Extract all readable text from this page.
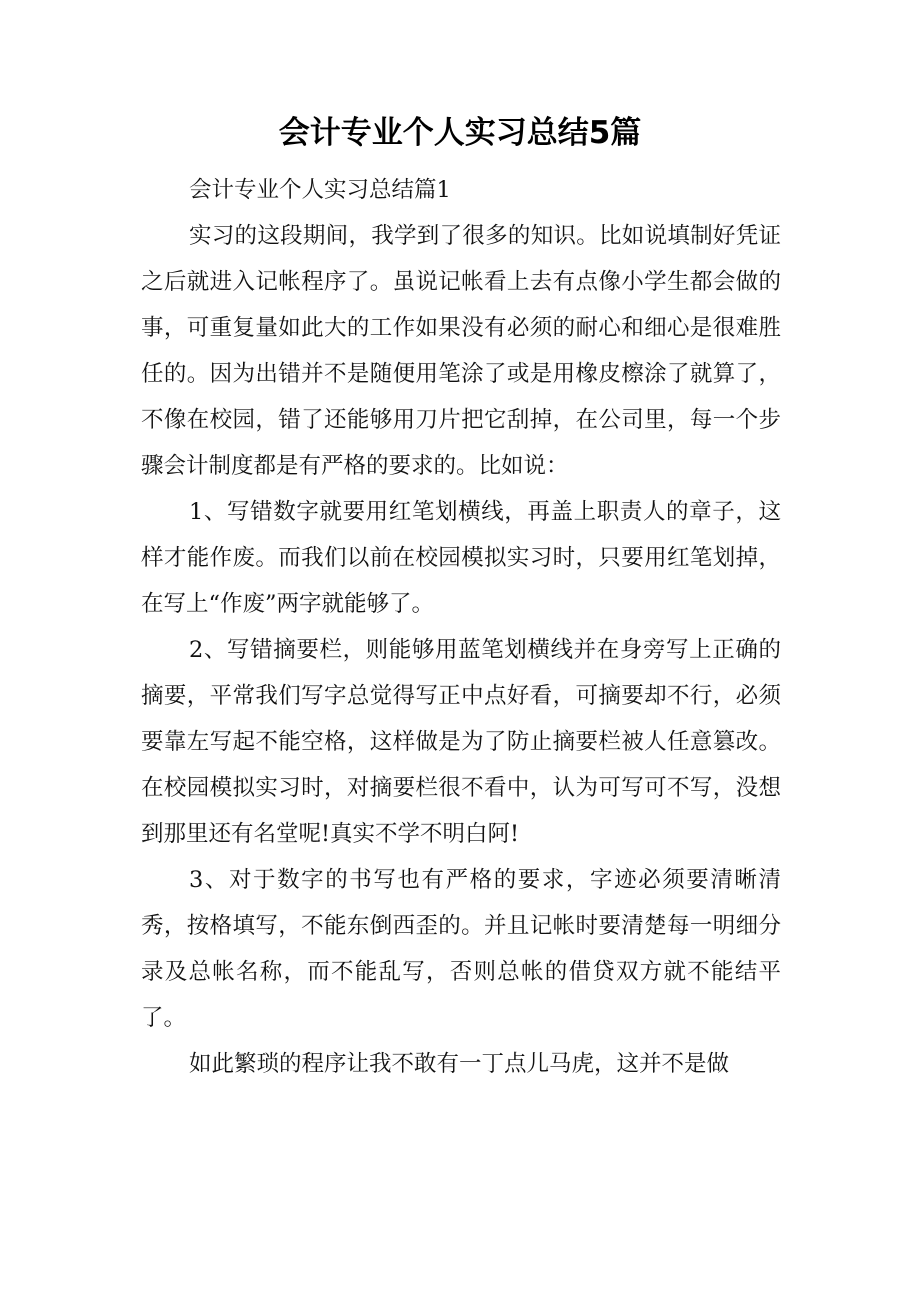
会计专业个人实习总结5篇

会计专业个人实习总结篇1

实习的这段期间，我学到了很多的知识。比如说填制好凭证之后就进入记帐程序了。虽说记帐看上去有点像小学生都会做的事，可重复量如此大的工作如果没有必须的耐心和细心是很难胜任的。因为出错并不是随便用笔涂了或是用橡皮檫涂了就算了，不像在校园，错了还能够用刀片把它刮掉，在公司里，每一个步骤会计制度都是有严格的要求的。比如说：

1、写错数字就要用红笔划横线，再盖上职责人的章子，这样才能作废。而我们以前在校园模拟实习时，只要用红笔划掉，在写上“作废”两字就能够了。

2、写错摘要栏，则能够用蓝笔划横线并在身旁写上正确的摘要，平常我们写字总觉得写正中点好看，可摘要却不行，必须要靠左写起不能空格，这样做是为了防止摘要栏被人任意篡改。在校园模拟实习时，对摘要栏很不看中，认为可写可不写，没想到那里还有名堂呢!真实不学不明白阿!

3、对于数字的书写也有严格的要求，字迹必须要清晰清秀，按格填写，不能东倒西歪的。并且记帐时要清楚每一明细分录及总帐名称，而不能乱写，否则总帐的借贷双方就不能结平了。

如此繁琐的程序让我不敢有一丁点儿马虎，这并不是做
